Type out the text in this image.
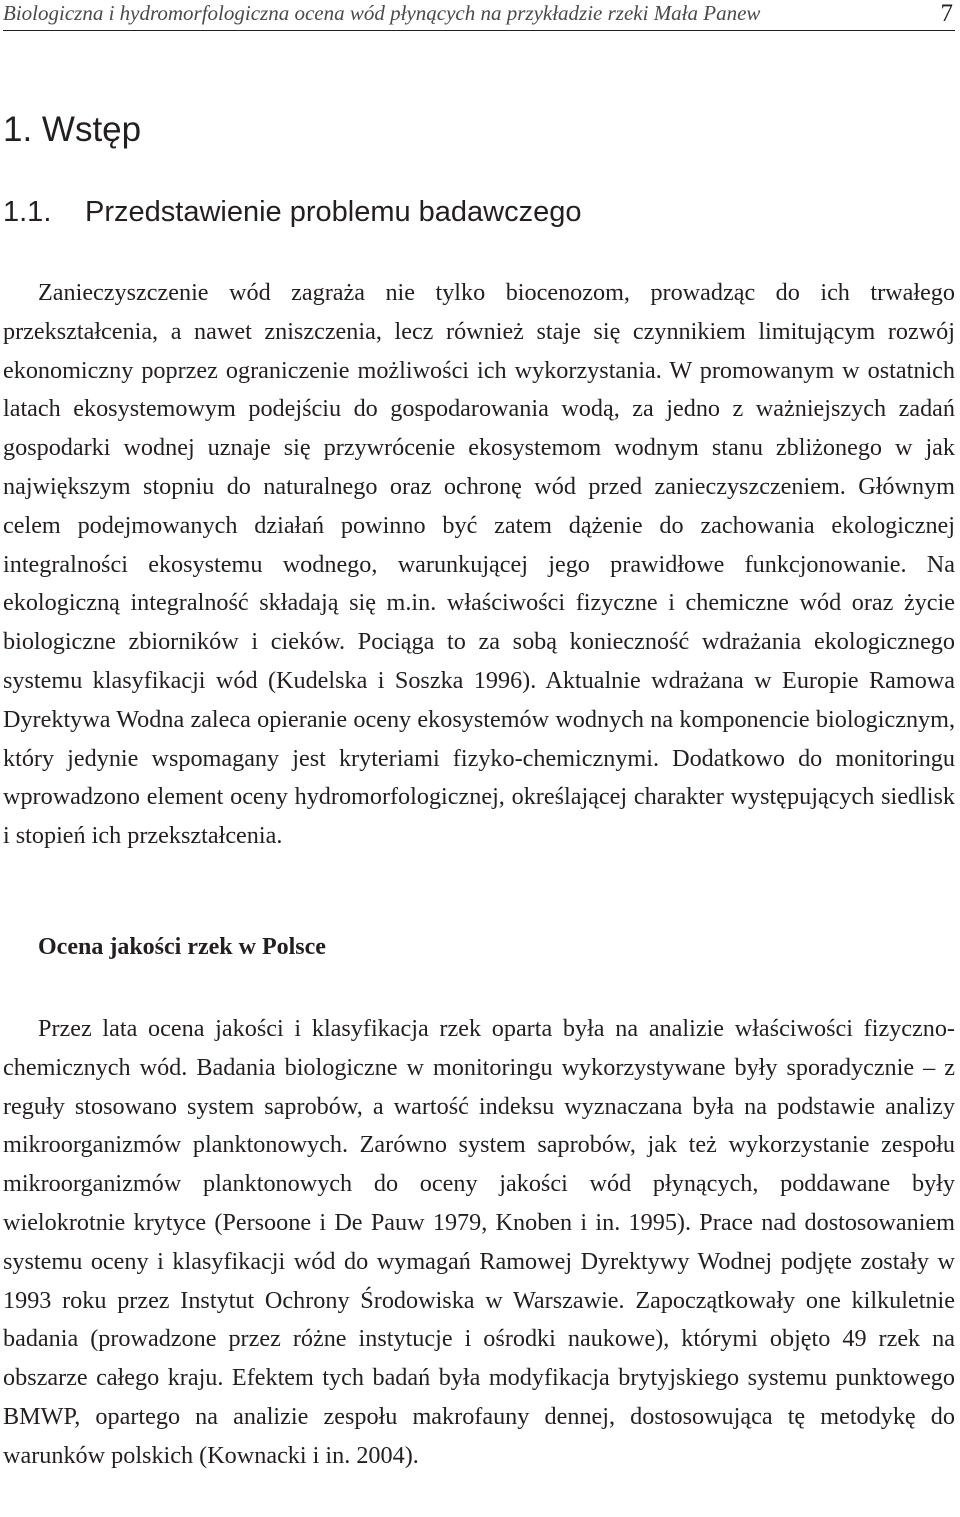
Biologiczna i hydromorfologiczna ocena wód płynących na przykładzie rzeki Mała Panew	7
1. Wstęp
1.1. Przedstawienie problemu badawczego

Zanieczyszczenie wód zagraża nie tylko biocenozom, prowadząc do ich trwałego przekształcenia, a nawet zniszczenia, lecz również staje się czynnikiem limitującym rozwój ekonomiczny poprzez ograniczenie możliwości ich wykorzystania. W promowanym w ostatnich latach ekosystemowym podejściu do gospodarowania wodą, za jedno z ważniejszych zadań gospodarki wodnej uznaje się przywrócenie ekosystemom wodnym stanu zbliżonego w jak największym stopniu do naturalnego oraz ochronę wód przed zanieczyszczeniem. Głównym celem podejmowanych działań powinno być zatem dążenie do zachowania ekologicznej integralności ekosystemu wodnego, warunkującej jego prawidłowe funkcjonowanie. Na ekologiczną integralność składają się m.in. właściwości fizyczne i chemiczne wód oraz życie biologiczne zbiorników i cieków. Pociąga to za sobą konieczność wdrażania ekologicznego systemu klasyfikacji wód (Kudelska i Soszka 1996). Aktualnie wdrażana w Europie Ramowa Dyrektywa Wodna zaleca opieranie oceny ekosystemów wodnych na komponencie biologicznym, który jedynie wspomagany jest kryteriami fizyko-chemicznymi. Dodatkowo do monitoringu wprowadzono element oceny hydromorfologicznej, określającej charakter występujących siedlisk i stopień ich przekształcenia.

Ocena jakości rzek w Polsce

Przez lata ocena jakości i klasyfikacja rzek oparta była na analizie właściwości fizyczno-chemicznych wód. Badania biologiczne w monitoringu wykorzystywane były sporadycznie – z reguły stosowano system saprobów, a wartość indeksu wyznaczana była na podstawie analizy mikroorganizmów planktonowych. Zarówno system saprobów, jak też wykorzystanie zespołu mikroorganizmów planktonowych do oceny jakości wód płynących, poddawane były wielokrotnie krytyce (Persoone i De Pauw 1979, Knoben i in. 1995). Prace nad dostosowaniem systemu oceny i klasyfikacji wód do wymagań Ramowej Dyrektywy Wodnej podjęte zostały w 1993 roku przez Instytut Ochrony Środowiska w Warszawie. Zapoczątkowały one kilkuletnie badania (prowadzone przez różne instytucje i ośrodki naukowe), którymi objęto 49 rzek na obszarze całego kraju. Efektem tych badań była modyfikacja brytyjskiego systemu punktowego BMWP, opartego na analizie zespołu makrofauny dennej, dostosowująca tę metodykę do warunków polskich (Kownacki i in. 2004).
